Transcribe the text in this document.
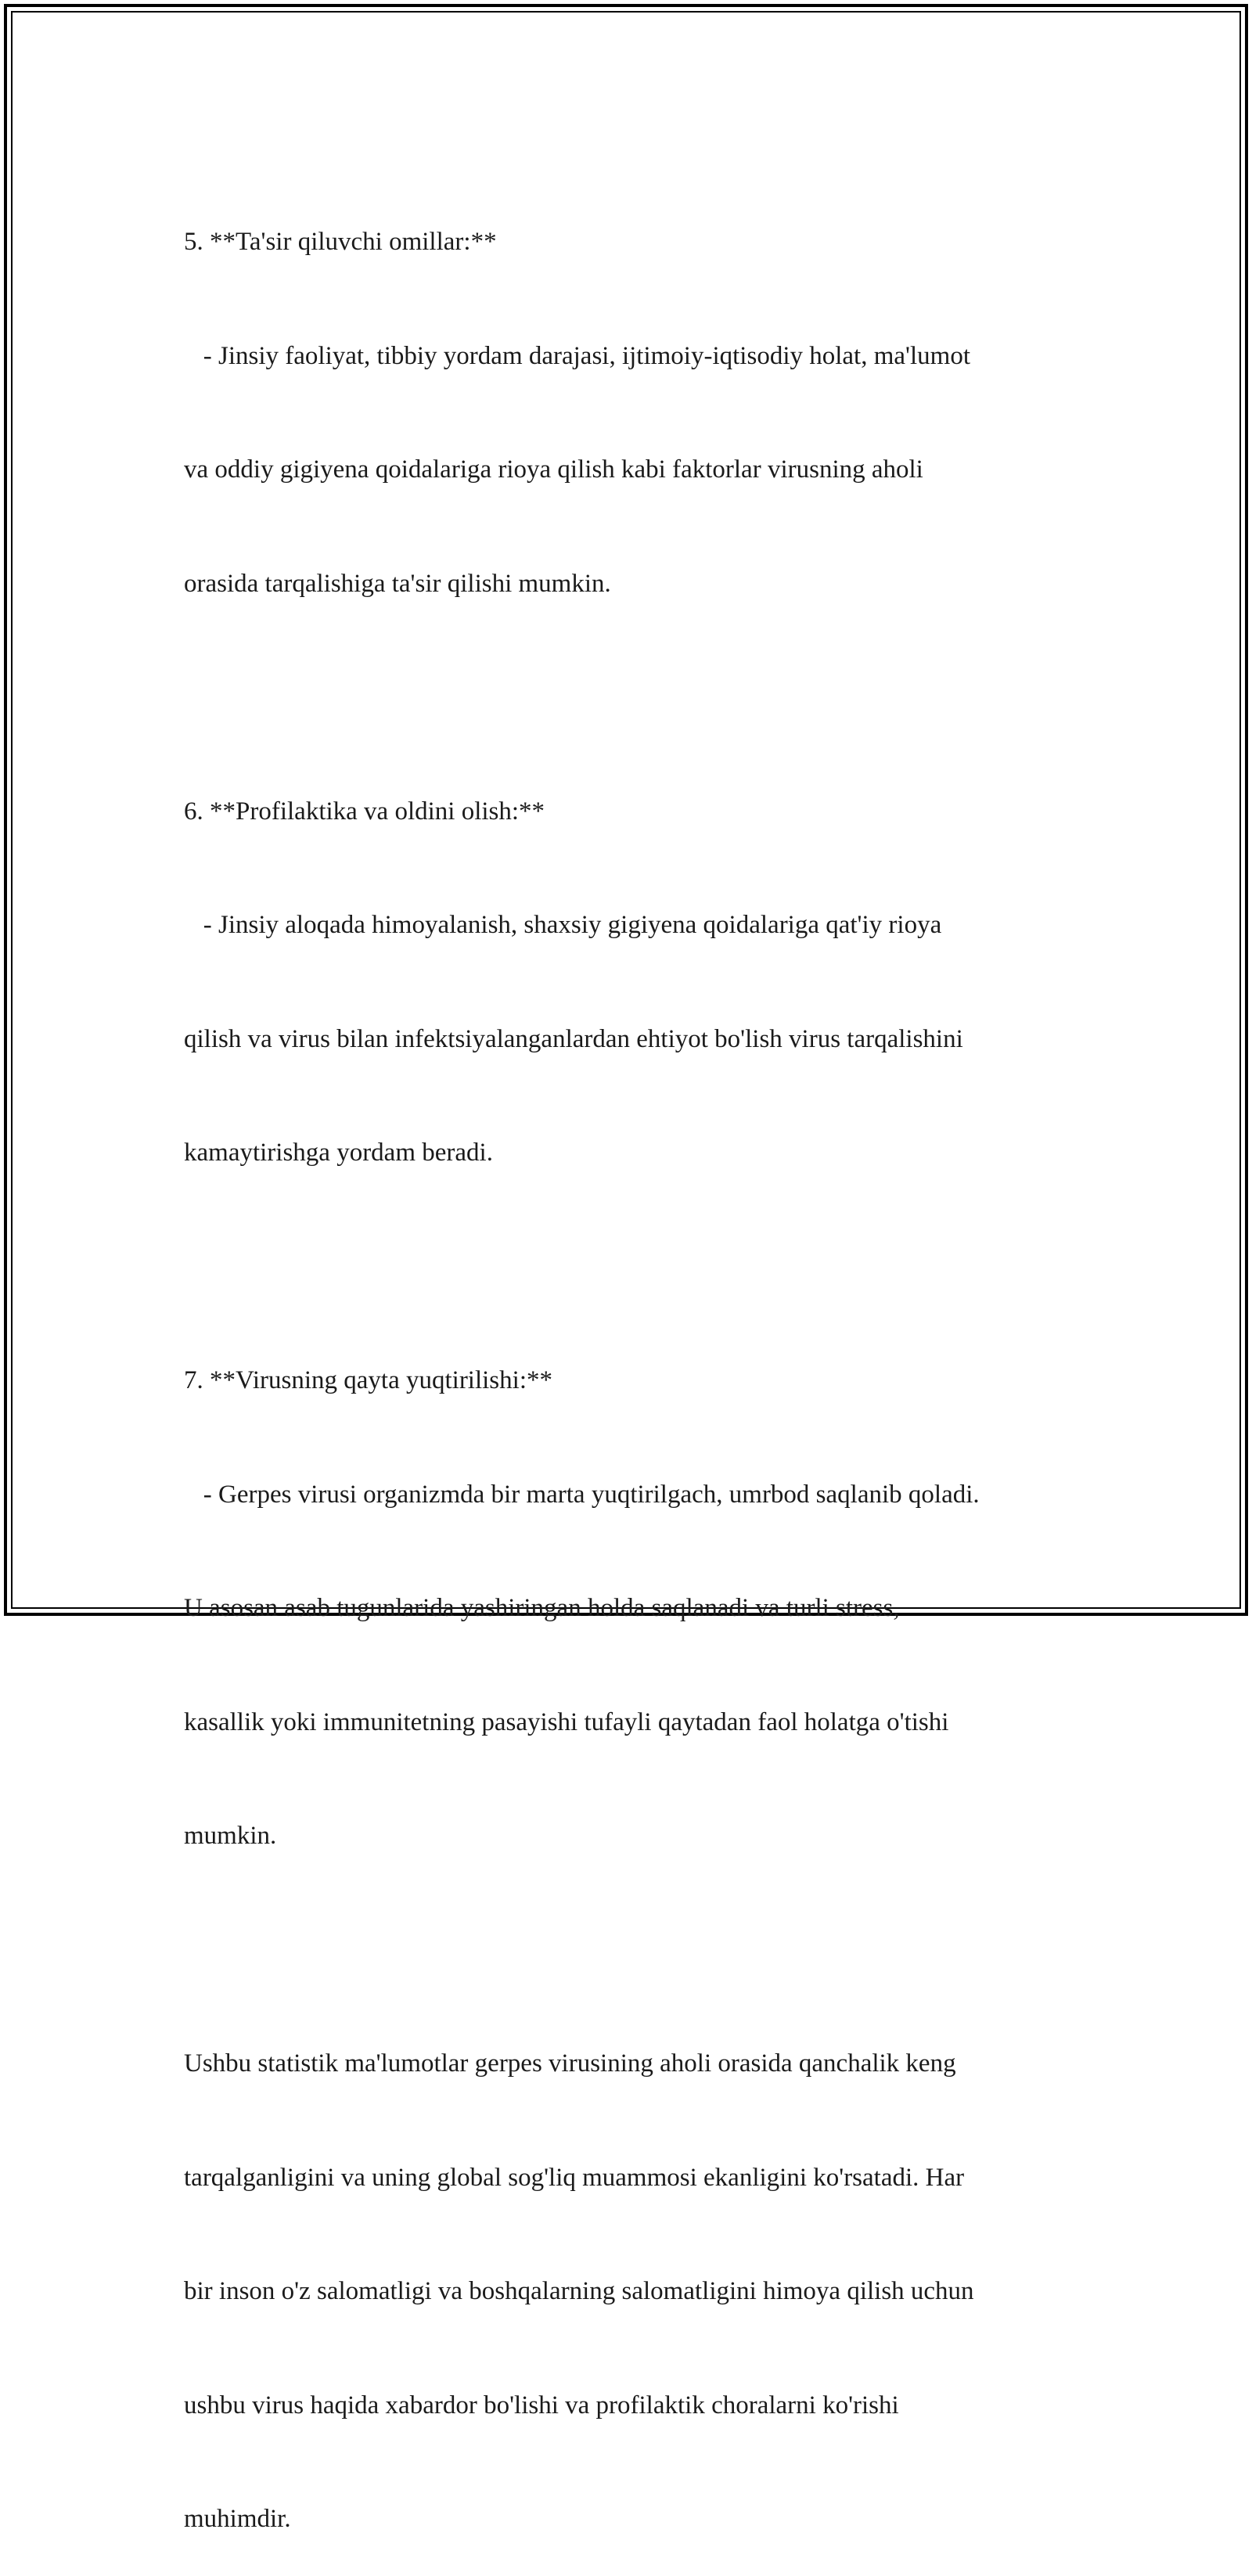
5. **Ta'sir qiluvchi omillar:**

- Jinsiy faoliyat, tibbiy yordam darajasi, ijtimoiy-iqtisodiy holat, ma'lumot

va oddiy gigiyena qoidalariga rioya qilish kabi faktorlar virusning aholi

orasida tarqalishiga ta'sir qilishi mumkin.

6. **Profilaktika va oldini olish:**

- Jinsiy aloqada himoyalanish, shaxsiy gigiyena qoidalariga qat'iy rioya

qilish va virus bilan infektsiyalanganlardan ehtiyot bo'lish virus tarqalishini

kamaytirishga yordam beradi.

7. **Virusning qayta yuqtirilishi:**

- Gerpes virusi organizmda bir marta yuqtirilgach, umrbod saqlanib qoladi.

U asosan asab tugunlarida yashiringan holda saqlanadi va turli stress,

kasallik yoki immunitetning pasayishi tufayli qaytadan faol holatga o'tishi

mumkin.

Ushbu statistik ma'lumotlar gerpes virusining aholi orasida qanchalik keng

tarqalganligini va uning global sog'liq muammosi ekanligini ko'rsatadi. Har

bir inson o'z salomatligi va boshqalarning salomatligini himoya qilish uchun

ushbu virus haqida xabardor bo'lishi va profilaktik choralarni ko'rishi

muhimdir.
